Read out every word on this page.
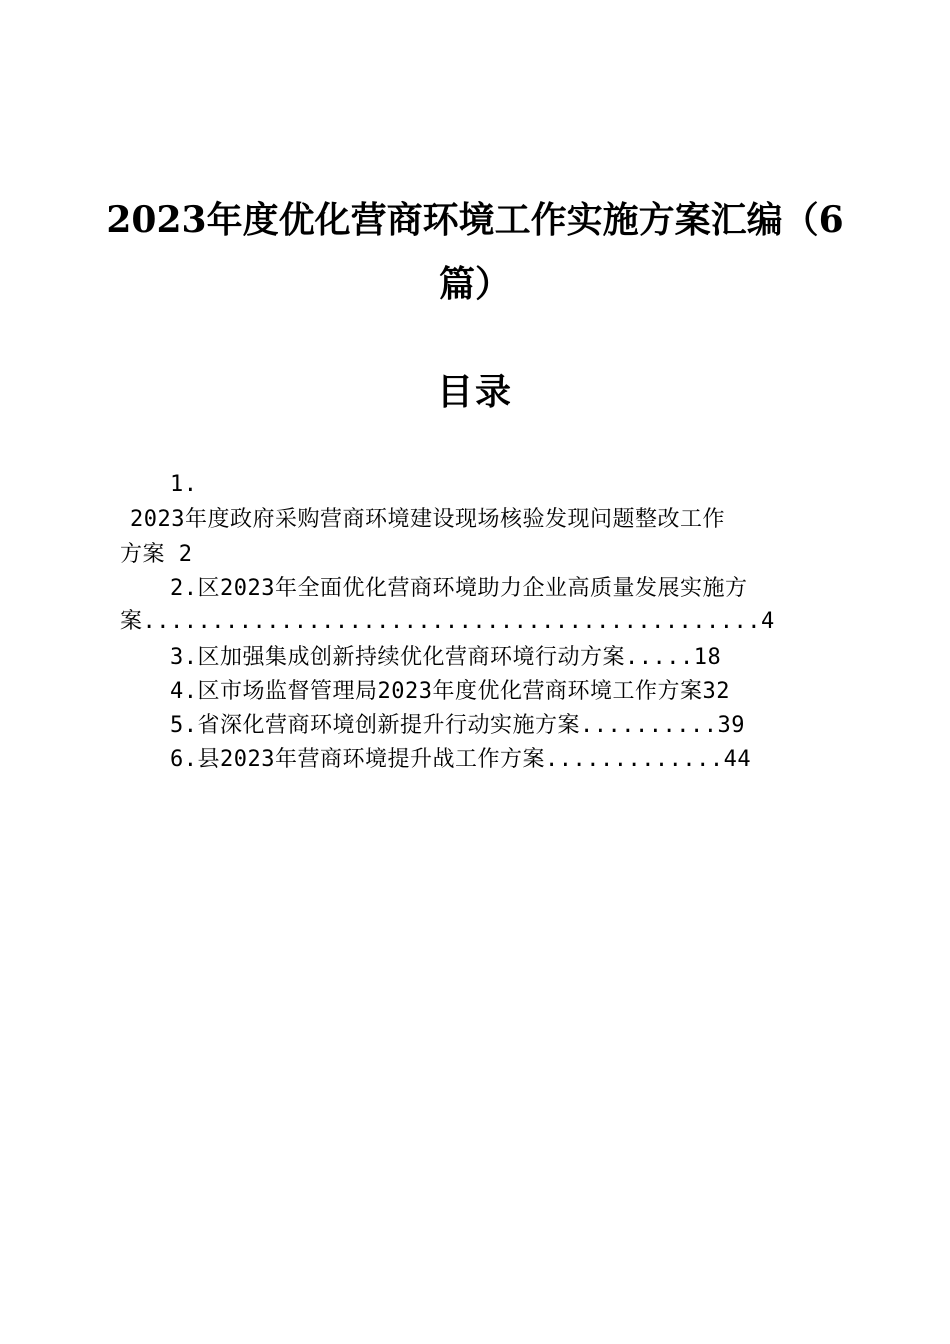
2023年度优化营商环境工作实施方案汇编（6
篇）
目录
1.
2023年度政府采购营商环境建设现场核验发现问题整改工作
方案 2
2.区2023年全面优化营商环境助力企业高质量发展实施方
案.............................................4
3.区加强集成创新持续优化营商环境行动方案.....18
4.区市场监督管理局2023年度优化营商环境工作方案32
5.省深化营商环境创新提升行动实施方案..........39
6.县2023年营商环境提升战工作方案.............44
